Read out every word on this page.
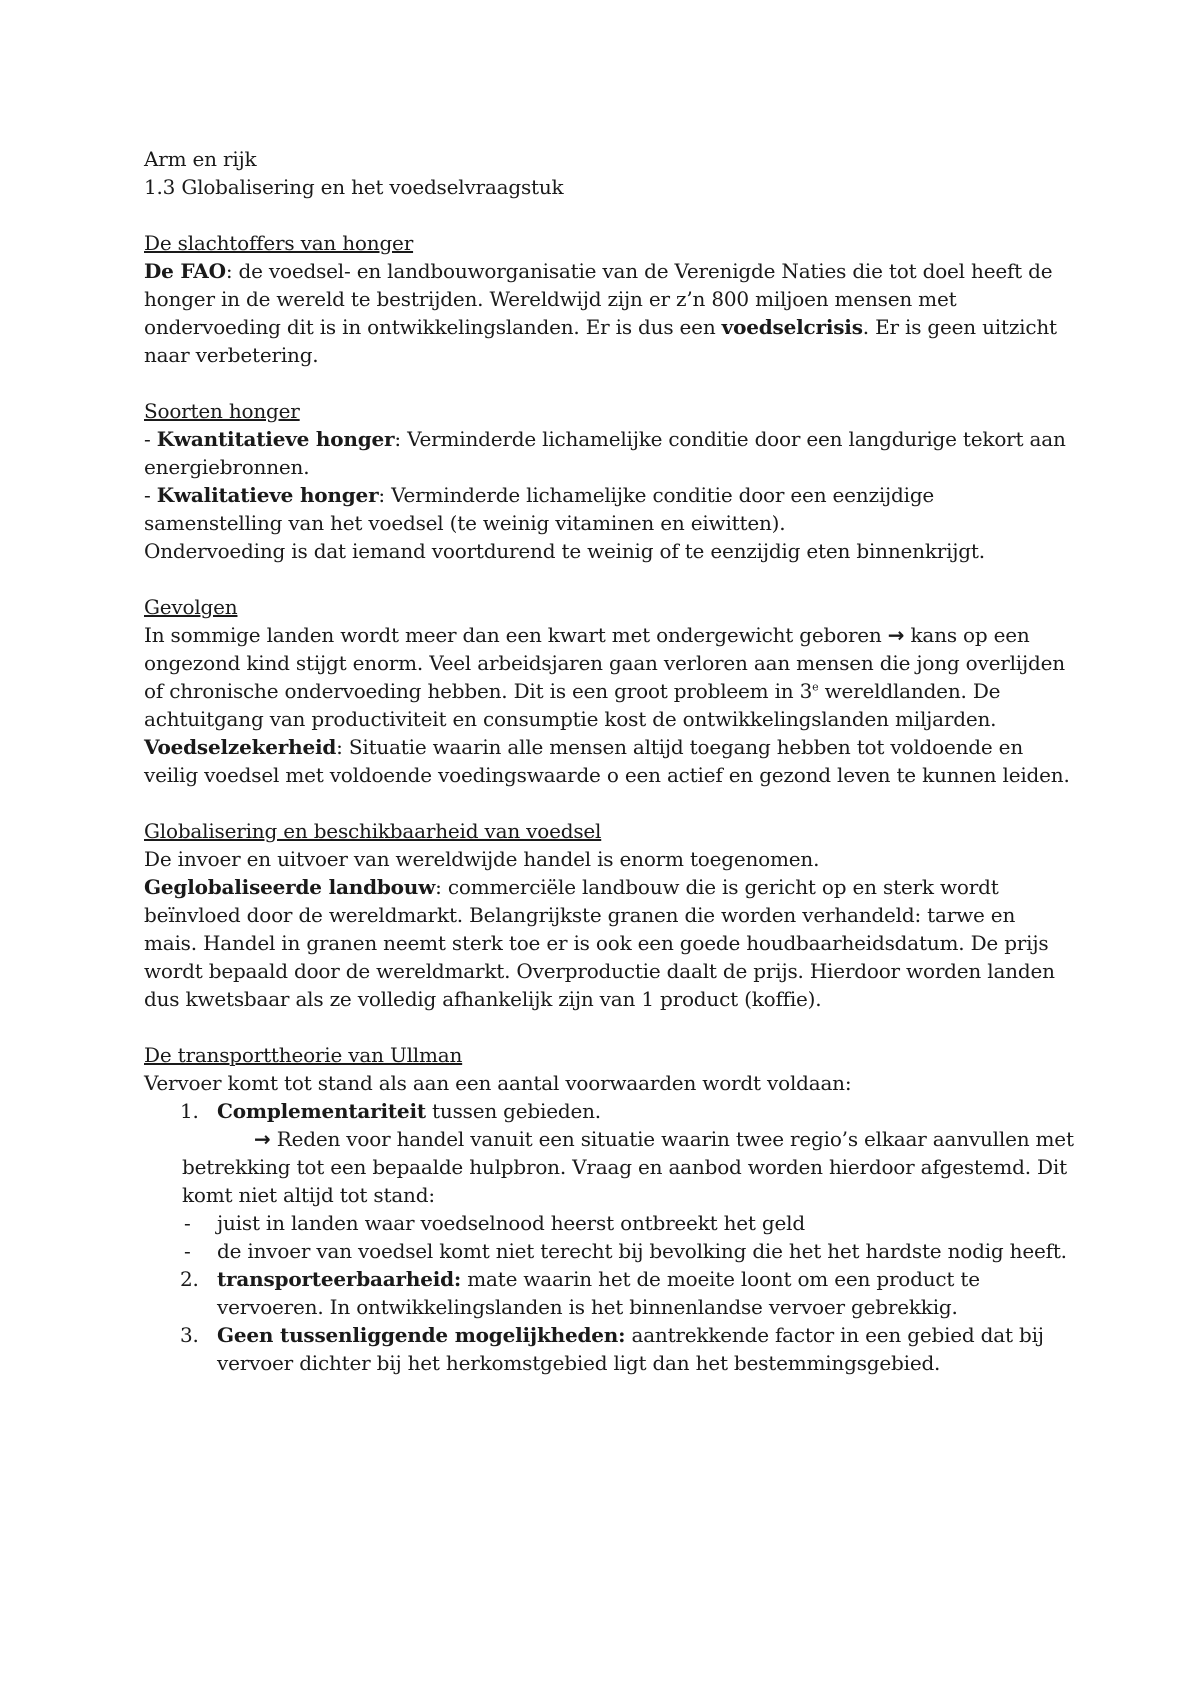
Arm en rijk

1.3 Globalisering en het voedselvraagstuk

De slachtoffers van honger

De FAO: de voedsel- en landbouworganisatie van de Verenigde Naties die tot doel heeft de honger in de wereld te bestrijden. Wereldwijd zijn er z’n 800 miljoen mensen met ondervoeding dit is in ontwikkelingslanden. Er is dus een voedselcrisis. Er is geen uitzicht naar verbetering.

Soorten honger

- Kwantitatieve honger: Verminderde lichamelijke conditie door een langdurige tekort aan energiebronnen.

- Kwalitatieve honger: Verminderde lichamelijke conditie door een eenzijdige samenstelling van het voedsel (te weinig vitaminen en eiwitten).

Ondervoeding is dat iemand voortdurend te weinig of te eenzijdig eten binnenkrijgt.

Gevolgen

In sommige landen wordt meer dan een kwart met ondergewicht geboren → kans op een ongezond kind stijgt enorm. Veel arbeidsjaren gaan verloren aan mensen die jong overlijden of chronische ondervoeding hebben. Dit is een groot probleem in 3e wereldlanden. De achtuitgang van productiviteit en consumptie kost de ontwikkelingslanden miljarden.

Voedselzekerheid: Situatie waarin alle mensen altijd toegang hebben tot voldoende en veilig voedsel met voldoende voedingswaarde o een actief en gezond leven te kunnen leiden.

Globalisering en beschikbaarheid van voedsel

De invoer en uitvoer van wereldwijde handel is enorm toegenomen.

Geglobaliseerde landbouw: commerciële landbouw die is gericht op en sterk wordt beïnvloed door de wereldmarkt. Belangrijkste granen die worden verhandeld: tarwe en mais. Handel in granen neemt sterk toe er is ook een goede houdbaarheidsdatum. De prijs wordt bepaald door de wereldmarkt. Overproductie daalt de prijs. Hierdoor worden landen dus kwetsbaar als ze volledig afhankelijk zijn van 1 product (koffie).

De transporttheorie van Ullman

Vervoer komt tot stand als aan een aantal voorwaarden wordt voldaan:

1. Complementariteit tussen gebieden.

→ Reden voor handel vanuit een situatie waarin twee regio’s elkaar aanvullen met betrekking tot een bepaalde hulpbron. Vraag en aanbod worden hierdoor afgestemd. Dit komt niet altijd tot stand:

- juist in landen waar voedselnood heerst ontbreekt het geld
- de invoer van voedsel komt niet terecht bij bevolking die het het hardste nodig heeft.
2. transporteerbaarheid: mate waarin het de moeite loont om een product te vervoeren. In ontwikkelingslanden is het binnenlandse vervoer gebrekkig.
3. Geen tussenliggende mogelijkheden: aantrekkende factor in een gebied dat bij vervoer dichter bij het herkomstgebied ligt dan het bestemmingsgebied.
